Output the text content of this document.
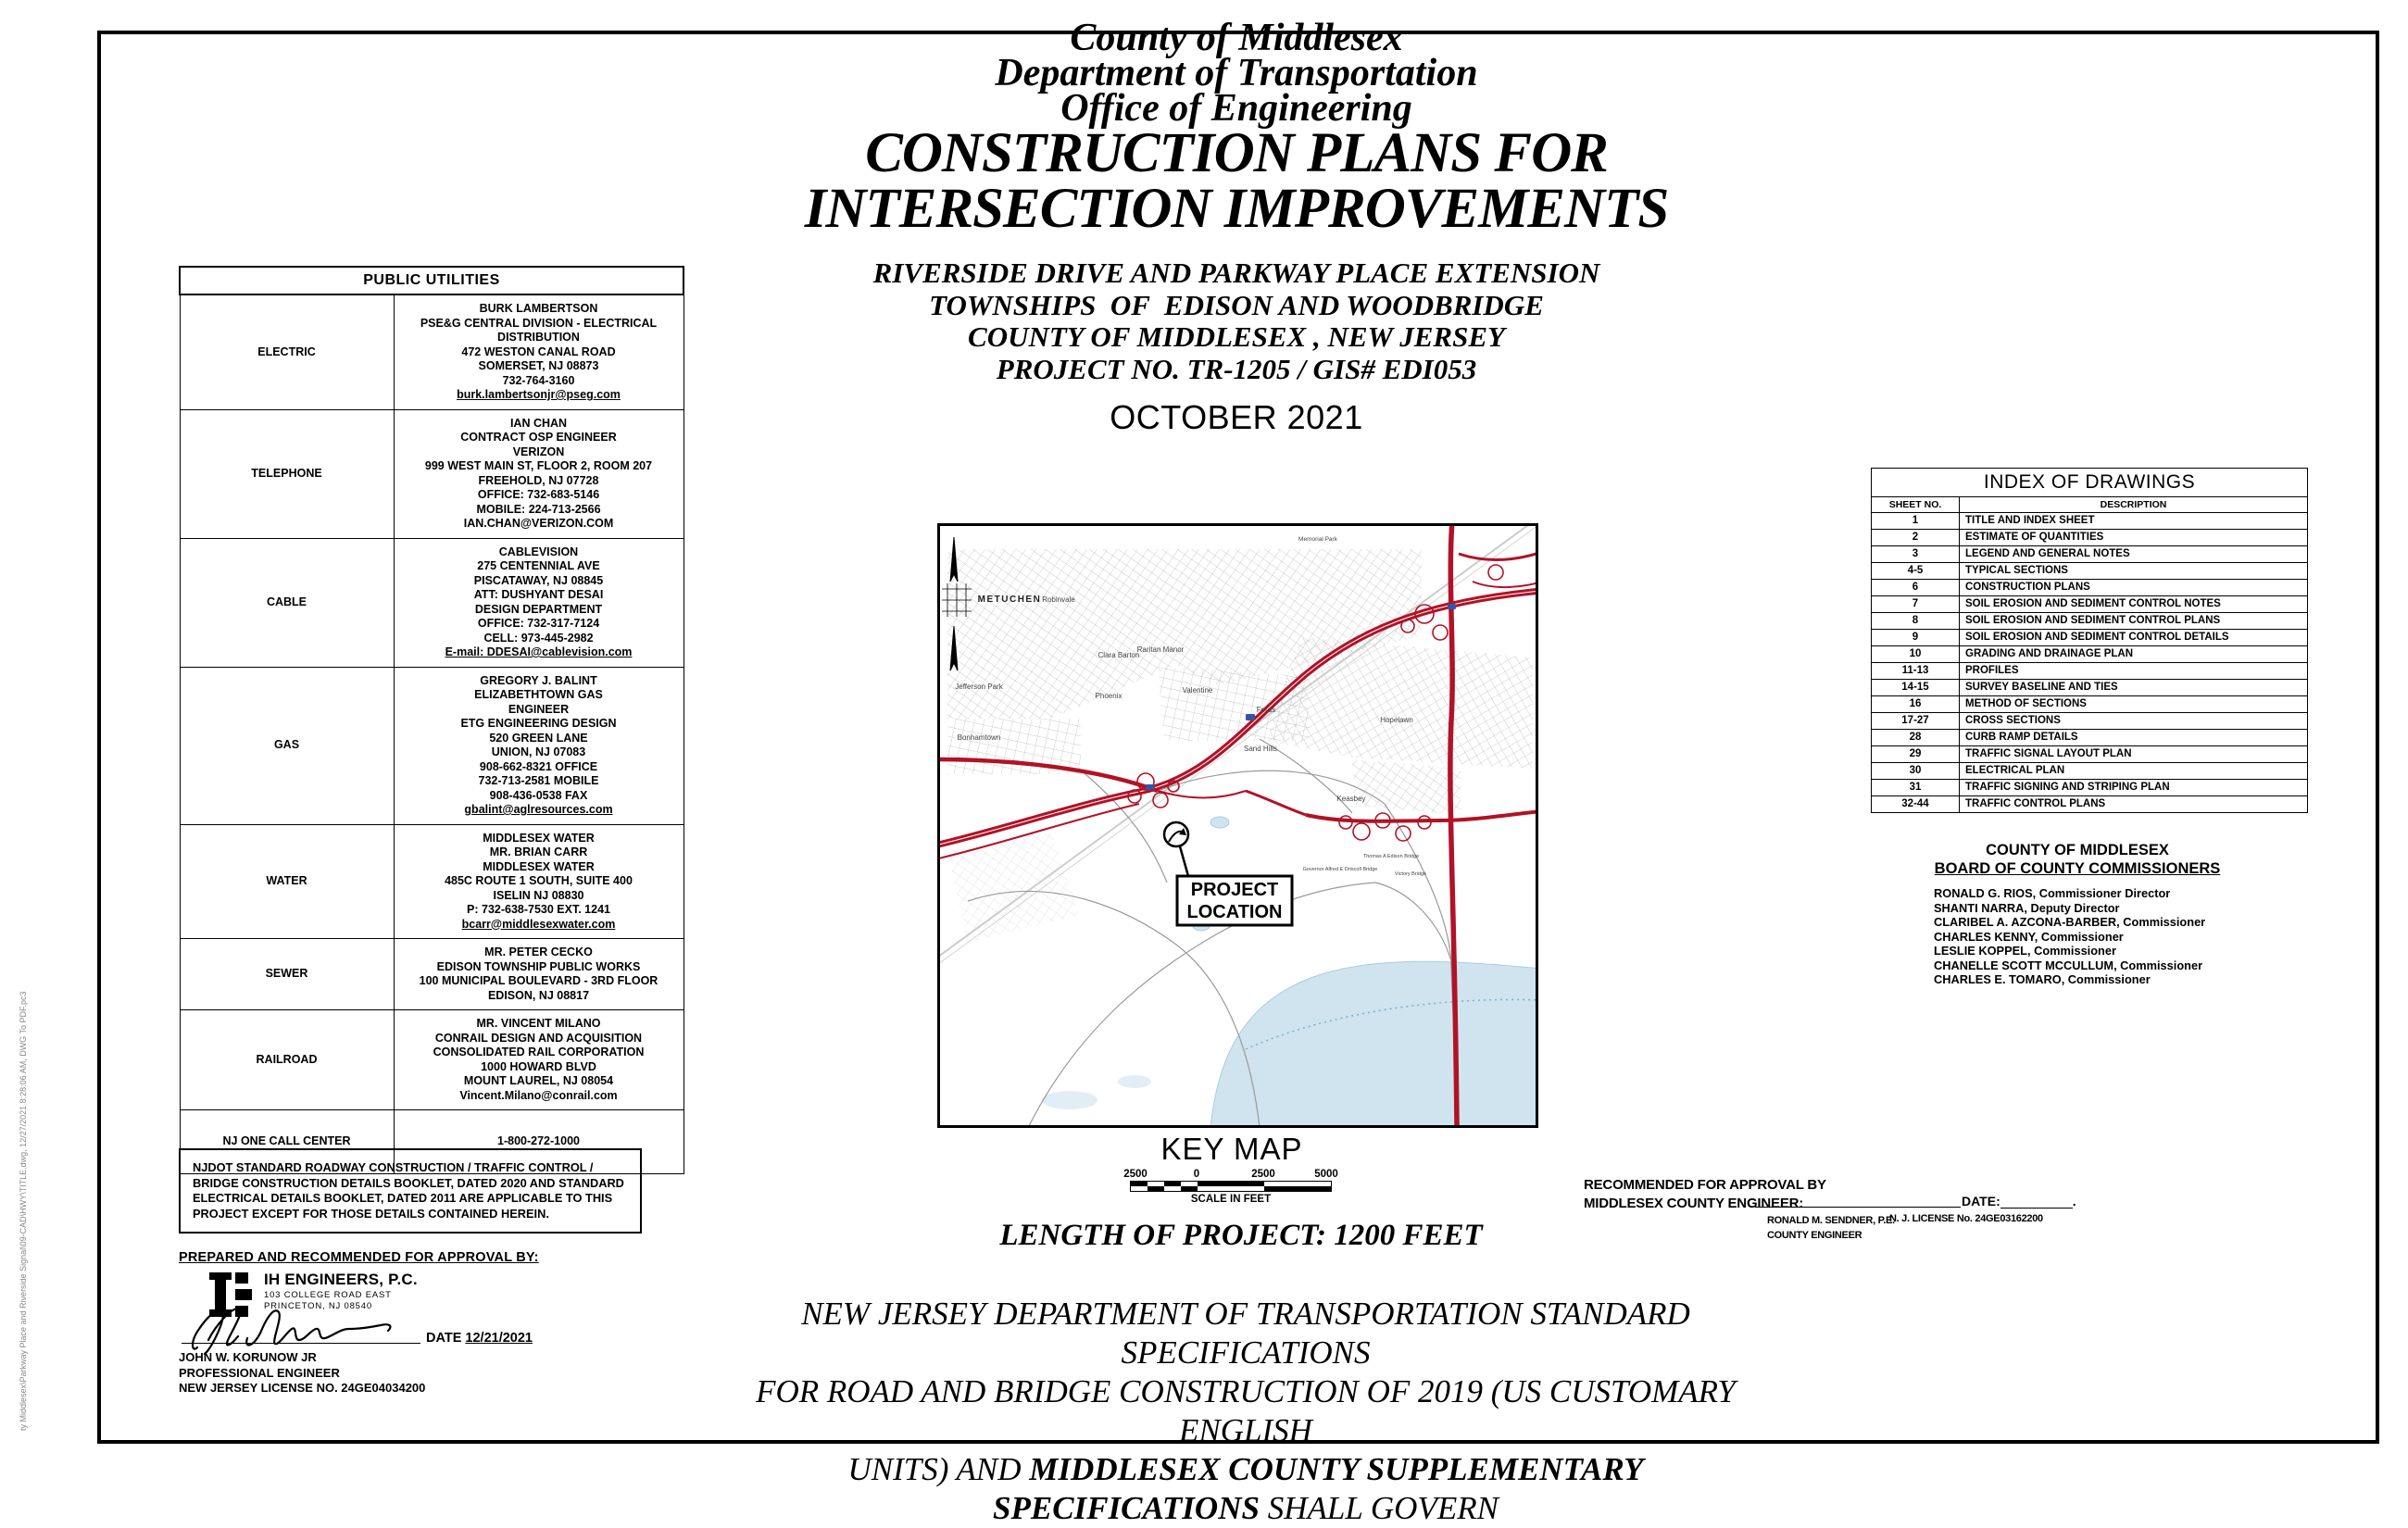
ty Middlesex\Parkway Place and Riverside Signal\09-CAD\HWY\TITLE.dwg, 12/27/2021 8:28:06 AM, DWG To PDF.pc3
PUBLIC UTILITIES	
ELECTRIC	
BURK LAMBERTSON
PSE&G CENTRAL DIVISION - ELECTRICAL DISTRIBUTION
472 WESTON CANAL ROAD
SOMERSET, NJ 08873
732-764-3160
burk.lambertsonjr@pseg.com

TELEPHONE	
IAN CHAN
CONTRACT OSP ENGINEER
VERIZON
999 WEST MAIN ST, FLOOR 2, ROOM 207
FREEHOLD, NJ 07728
OFFICE: 732-683-5146
MOBILE: 224-713-2566
IAN.CHAN@VERIZON.COM

CABLE	
CABLEVISION
275 CENTENNIAL AVE
PISCATAWAY, NJ 08845
ATT: DUSHYANT DESAI
DESIGN DEPARTMENT
OFFICE: 732-317-7124
CELL: 973-445-2982
E-mail: DDESAI@cablevision.com

GAS	
GREGORY J. BALINT
ELIZABETHTOWN GAS
ENGINEER
ETG ENGINEERING DESIGN
520 GREEN LANE
UNION, NJ 07083
908-662-8321 OFFICE
732-713-2581 MOBILE
908-436-0538 FAX
gbalint@aglresources.com

WATER	
MIDDLESEX WATER
MR. BRIAN CARR
MIDDLESEX WATER
485C ROUTE 1 SOUTH, SUITE 400
ISELIN NJ 08830
P: 732-638-7530 EXT. 1241
bcarr@middlesexwater.com

SEWER	MR. PETER CECKO
EDISON TOWNSHIP PUBLIC WORKS
100 MUNICIPAL BOULEVARD - 3RD FLOOR
EDISON, NJ 08817

RAILROAD	
MR. VINCENT MILANO
CONRAIL DESIGN AND ACQUISITION
CONSOLIDATED RAIL CORPORATION
1000 HOWARD BLVD
MOUNT LAUREL, NJ 08054
Vincent.Milano@conrail.com

NJ ONE CALL CENTER	1-800-272-1000
NJDOT STANDARD ROADWAY CONSTRUCTION / TRAFFIC CONTROL / BRIDGE CONSTRUCTION DETAILS BOOKLET, DATED 2020 AND STANDARD ELECTRICAL DETAILS BOOKLET, DATED 2011 ARE APPLICABLE TO THIS PROJECT EXCEPT FOR THOSE DETAILS CONTAINED HEREIN.
PREPARED AND RECOMMENDED FOR APPROVAL BY:
IH ENGINEERS, P.C.
103 COLLEGE ROAD EAST
PRINCETON, NJ 08540
DATE 12/21/2021
JOHN W. KORUNOW JR
PROFESSIONAL ENGINEER
NEW JERSEY LICENSE NO. 24GE04034200
County of Middlesex
Department of Transportation
Office of Engineering
CONSTRUCTION PLANS FOR
INTERSECTION IMPROVEMENTS
RIVERSIDE DRIVE AND PARKWAY PLACE EXTENSION
TOWNSHIPS  OF  EDISON AND WOODBRIDGE
COUNTY OF MIDDLESEX , NEW JERSEY
PROJECT NO. TR-1205 / GIS# EDI053
OCTOBER 2021
PROJECT
LOCATION
METUCHEN Robinvale
Clara Barton
Raritan Manor
Jefferson Park
Phoenix
Valentine
Fords
Bonhamtown
Sand Hills
Hopelawn
Keasbey
Memorial Park
Governor Alfred E Driscoll Bridge
Thomas A Edison Bridge
Victory Bridge
KEY MAP
2500	0	2500	5000
SCALE IN FEET
LENGTH OF PROJECT: 1200 FEET
NEW JERSEY DEPARTMENT OF TRANSPORTATION STANDARD SPECIFICATIONS
FOR ROAD AND BRIDGE CONSTRUCTION OF 2019 (US CUSTOMARY ENGLISH
UNITS) AND MIDDLESEX COUNTY SUPPLEMENTARY
SPECIFICATIONS SHALL GOVERN
INDEX OF DRAWINGS	
SHEET NO.	DESCRIPTION
1	TITLE AND INDEX SHEET
2	ESTIMATE OF QUANTITIES
3	LEGEND AND GENERAL NOTES
4-5	TYPICAL SECTIONS
6	CONSTRUCTION PLANS
7	SOIL EROSION AND SEDIMENT CONTROL NOTES
8	SOIL EROSION AND SEDIMENT CONTROL PLANS
9	SOIL EROSION AND SEDIMENT CONTROL DETAILS
10	GRADING AND DRAINAGE PLAN
11-13	PROFILES
14-15	SURVEY BASELINE AND TIES
16	METHOD OF SECTIONS
17-27	CROSS SECTIONS
28	CURB RAMP DETAILS
29	TRAFFIC SIGNAL LAYOUT PLAN
30	ELECTRICAL PLAN
31	TRAFFIC SIGNING AND STRIPING PLAN
32-44	TRAFFIC CONTROL PLANS
COUNTY OF MIDDLESEX
BOARD OF COUNTY COMMISSIONERS
RONALD G. RIOS, Commissioner Director
SHANTI NARRA, Deputy Director
CLARIBEL A. AZCONA-BARBER, Commissioner
CHARLES KENNY, Commissioner
LESLIE KOPPEL, Commissioner
CHANELLE SCOTT MCCULLUM, Commissioner
CHARLES E. TOMARO, Commissioner
RECOMMENDED FOR APPROVAL BY
MIDDLESEX COUNTY ENGINEER:	DATE:	.
RONALD M. SENDNER, P.E.
COUNTY ENGINEER
N. J. LICENSE No. 24GE03162200
